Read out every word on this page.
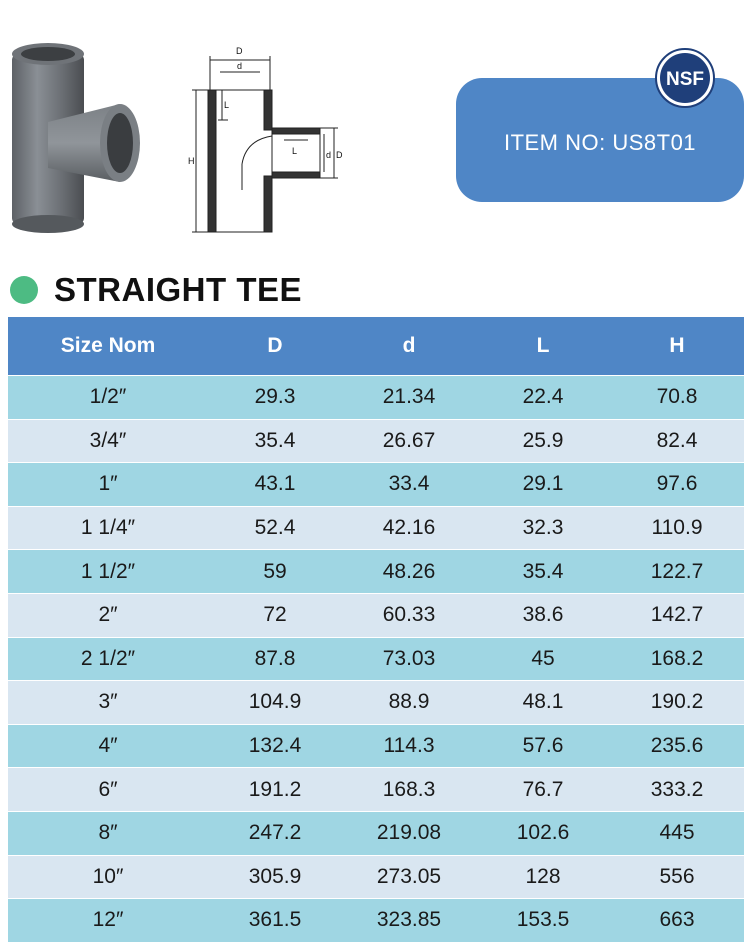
D
d
L
L	d D
H
ITEM NO: US8T01
NSF
STRAIGHT TEE
Size Nom	D	d	L	H
1/2″	29.3	21.34	22.4	70.8
3/4″	35.4	26.67	25.9	82.4
1″	43.1	33.4	29.1	97.6
1 1/4″	52.4	42.16	32.3	110.9
1 1/2″	59	48.26	35.4	122.7
2″	72	60.33	38.6	142.7
2 1/2″	87.8	73.03	45	168.2
3″	104.9	88.9	48.1	190.2
4″	132.4	114.3	57.6	235.6
6″	191.2	168.3	76.7	333.2
8″	247.2	219.08	102.6	445
10″	305.9	273.05	128	556
12″	361.5	323.85	153.5	663
